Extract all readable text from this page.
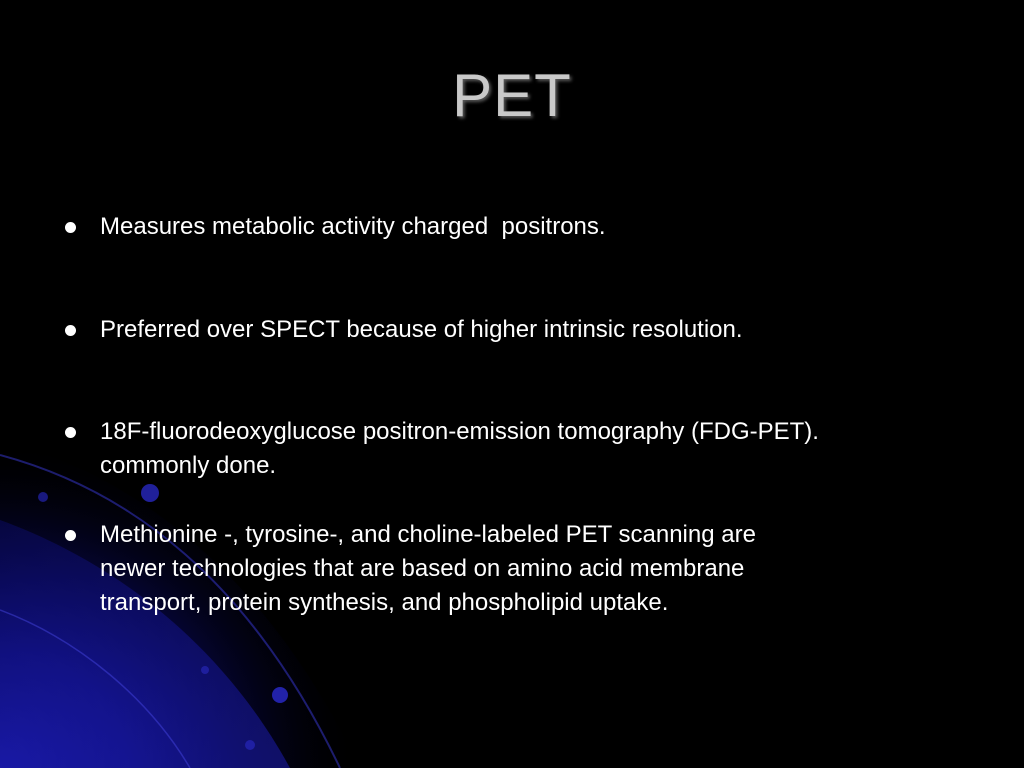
PET
Measures metabolic activity charged  positrons.
Preferred over SPECT because of higher intrinsic resolution.
18F-fluorodeoxyglucose positron-emission tomography (FDG-PET).
commonly done.
Methionine -, tyrosine-, and choline-labeled PET scanning are
newer technologies that are based on amino acid membrane
transport, protein synthesis, and phospholipid uptake.
